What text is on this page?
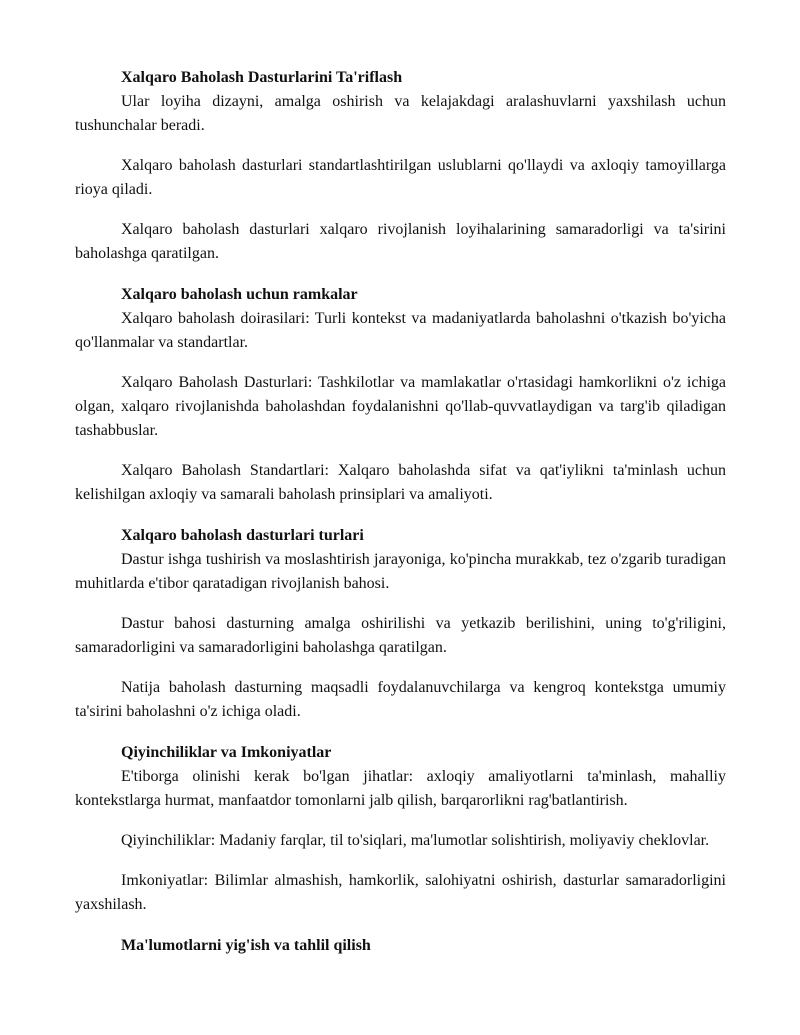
Xalqaro Baholash Dasturlarini Ta'riflash

Ular loyiha dizayni, amalga oshirish va kelajakdagi aralashuvlarni yaxshilash uchun tushunchalar beradi.

Xalqaro baholash dasturlari standartlashtirilgan uslublarni qo'llaydi va axloqiy tamoyillarga rioya qiladi.

Xalqaro baholash dasturlari xalqaro rivojlanish loyihalarining samaradorligi va ta'sirini baholashga qaratilgan.

Xalqaro baholash uchun ramkalar

Xalqaro baholash doirasilari: Turli kontekst va madaniyatlarda baholashni o'tkazish bo'yicha qo'llanmalar va standartlar.

Xalqaro Baholash Dasturlari: Tashkilotlar va mamlakatlar o'rtasidagi hamkorlikni o'z ichiga olgan, xalqaro rivojlanishda baholashdan foydalanishni qo'llab-quvvatlaydigan va targ'ib qiladigan tashabbuslar.

Xalqaro Baholash Standartlari: Xalqaro baholashda sifat va qat'iylikni ta'minlash uchun kelishilgan axloqiy va samarali baholash prinsiplari va amaliyoti.

Xalqaro baholash dasturlari turlari

Dastur ishga tushirish va moslashtirish jarayoniga, ko'pincha murakkab, tez o'zgarib turadigan muhitlarda e'tibor qaratadigan rivojlanish bahosi.

Dastur bahosi dasturning amalga oshirilishi va yetkazib berilishini, uning to'g'riligini, samaradorligini va samaradorligini baholashga qaratilgan.

Natija baholash dasturning maqsadli foydalanuvchilarga va kengroq kontekstga umumiy ta'sirini baholashni o'z ichiga oladi.

Qiyinchiliklar va Imkoniyatlar

E'tiborga olinishi kerak bo'lgan jihatlar: axloqiy amaliyotlarni ta'minlash, mahalliy kontekstlarga hurmat, manfaatdor tomonlarni jalb qilish, barqarorlikni rag'batlantirish.

Qiyinchiliklar: Madaniy farqlar, til to'siqlari, ma'lumotlar solishtirish, moliyaviy cheklovlar.

Imkoniyatlar: Bilimlar almashish, hamkorlik, salohiyatni oshirish, dasturlar samaradorligini yaxshilash.

Ma'lumotlarni yig'ish va tahlil qilish
